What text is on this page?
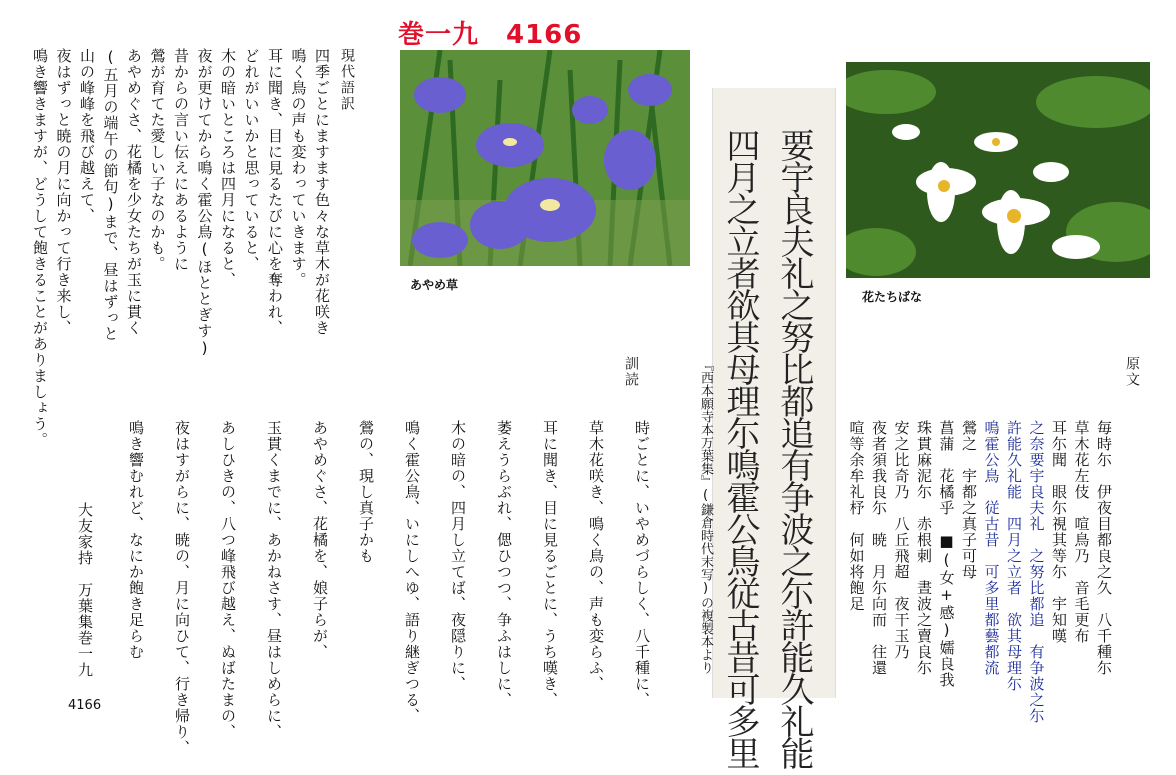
巻一九　4166
現代語訳
四季ごとにますます色々な草木が花咲き
鳴く鳥の声も変わっていきます。
耳に聞き、目に見るたびに心を奪われ、
どれがいいかと思っていると、
木の暗いところは四月になると、
夜が更けてから鳴く霍公鳥(ほととぎす)
昔からの言い伝えにあるように
鶯が育てた愛しい子なのかも。
あやめぐさ、花橘を少女たちが玉に貫く
(五月の端午の節句)まで、昼はずっと
山の峰峰を飛び越えて、
夜はずっと暁の月に向かって行き来し、
鳴き響きますが、どうして飽きることがありましょう。	あやめ草
訓読
時ごとに、いやめづらしく、八千種に、
草木花咲き、鳴く鳥の、声も変らふ、
耳に聞き、目に見るごとに、うち嘆き、
萎えうらぶれ、偲ひつつ、争ふはしに、
木の暗の、四月し立てば、夜隠りに、
鳴く霍公鳥、いにしへゆ、語り継ぎつる、
鶯の、現し真子かも
あやめぐさ、花橘を、娘子らが、
玉貫くまでに、あかねさす、昼はしめらに、
あしひきの、八つ峰飛び越え、ぬばたまの、
夜はすがらに、暁の、月に向ひて、行き帰り、
鳴き響むれど、なにか飽き足らむ
大友家持　万葉集巻一九
4166	要宇良夫礼之努比都追有争波之尓許能久礼能
四月之立者欲其母理尓鳴霍公鳥従古昔可多里
『西本願寺本万葉集』(鎌倉時代末写)の複製本より
花たちばな
原文
毎時尓　伊夜目都良之久　八千種尓
草木花左伎　喧鳥乃　音毛更布
耳尓聞　眼尓視其等尓　宇知嘆
之奈要宇良夫礼　之努比都追　有争波之尓
許能久礼能　四月之立者　欲其母理尓
鳴霍公鳥　従古昔　可多里都藝都流
鶯之　宇都之真子可母
菖蒲　花橘乎　■(女+感)嬬良我
珠貫麻泥尓　赤根刺　晝波之賣良尓
安之比奇乃　八丘飛超　夜干玉乃
夜者須我良尓　暁　月尓向而　往還
喧等余牟礼杼　何如将飽足
